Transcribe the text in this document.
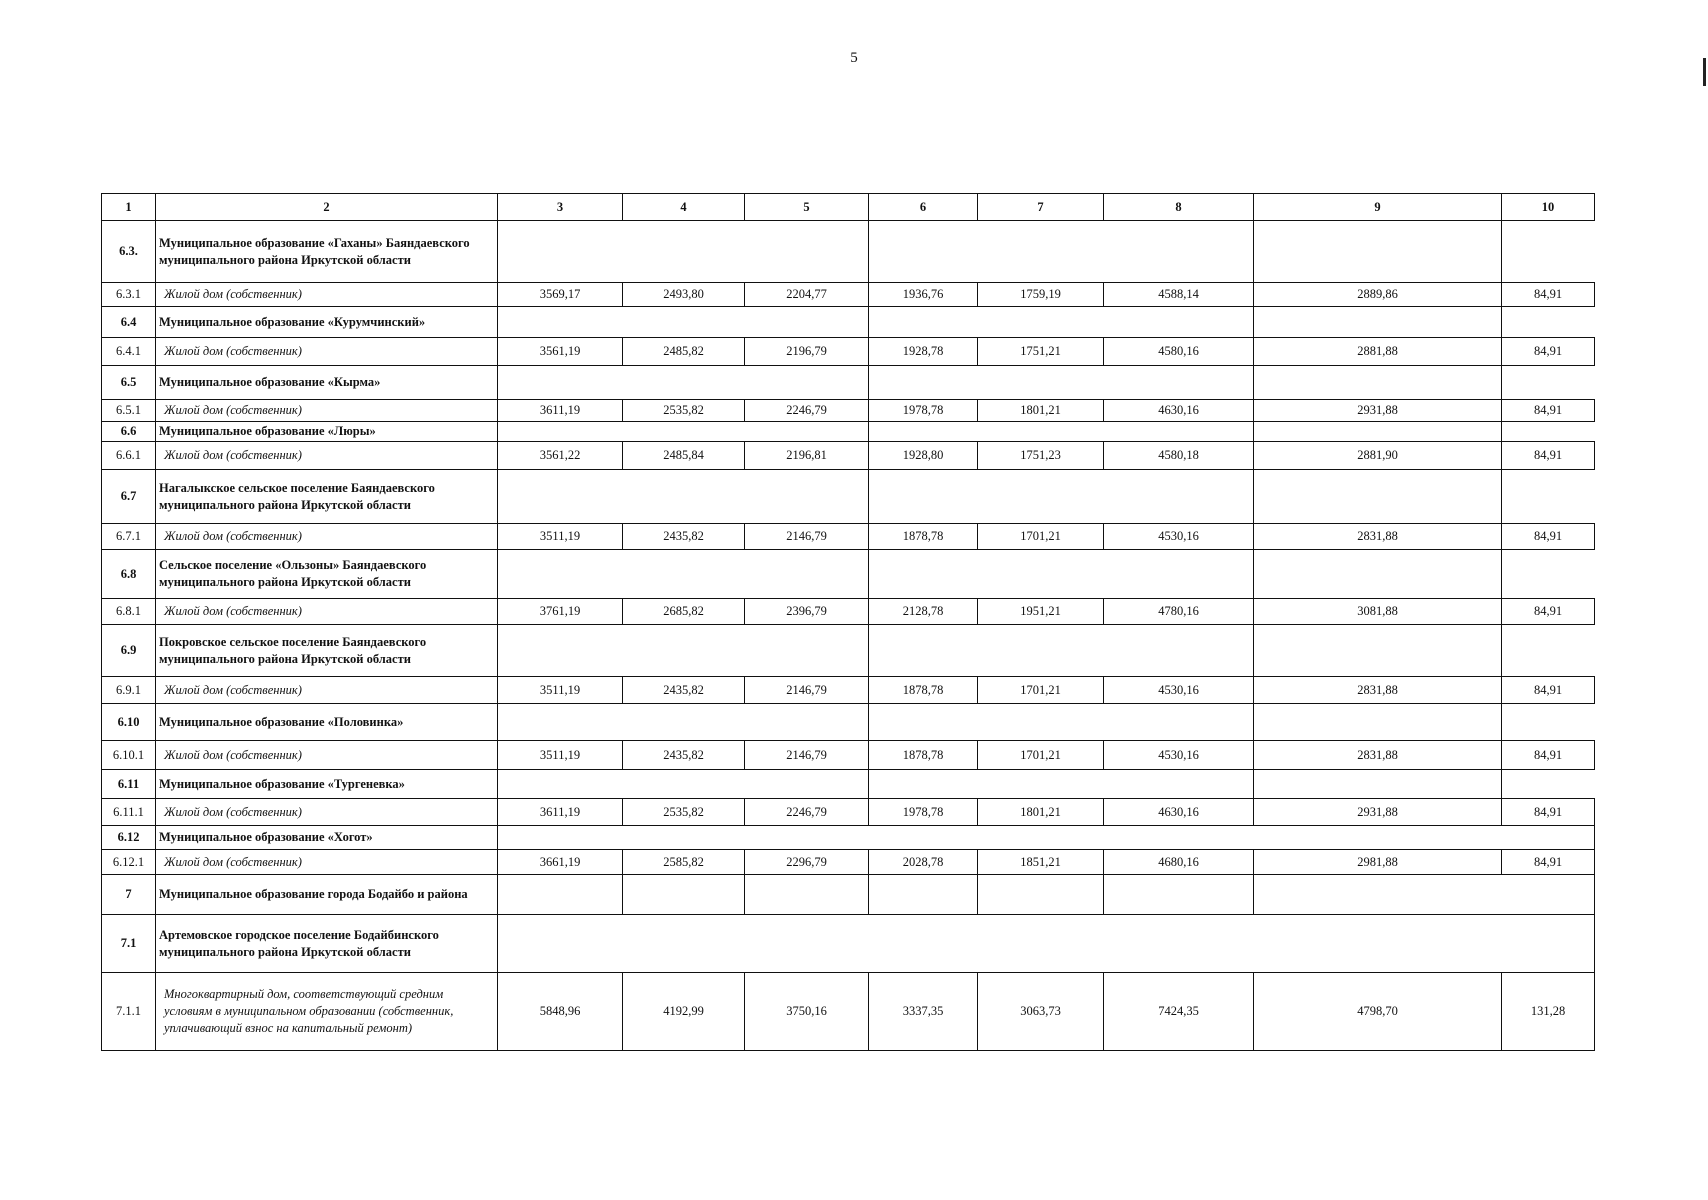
5
1	2	3	4	5	6	7	8	9	10
6.3.	Муниципальное образование «Гаханы» Баяндаевского муниципального района Иркутской области								
6.3.1	Жилой дом (собственник)	3569,17	2493,80	2204,77	1936,76	1759,19	4588,14	2889,86	84,91
6.4	Муниципальное образование «Курумчинский»								
6.4.1	Жилой дом (собственник)	3561,19	2485,82	2196,79	1928,78	1751,21	4580,16	2881,88	84,91
6.5	Муниципальное образование «Кырма»								
6.5.1	Жилой дом (собственник)	3611,19	2535,82	2246,79	1978,78	1801,21	4630,16	2931,88	84,91
6.6	Муниципальное образование «Люры»								
6.6.1	Жилой дом (собственник)	3561,22	2485,84	2196,81	1928,80	1751,23	4580,18	2881,90	84,91
6.7	Нагалыкское сельское поселение Баяндаевского муниципального района Иркутской области								
6.7.1	Жилой дом (собственник)	3511,19	2435,82	2146,79	1878,78	1701,21	4530,16	2831,88	84,91
6.8	Сельское поселение «Ользоны» Баяндаевского муниципального района Иркутской области								
6.8.1	Жилой дом (собственник)	3761,19	2685,82	2396,79	2128,78	1951,21	4780,16	3081,88	84,91
6.9	Покровское сельское поселение Баяндаевского муниципального района Иркутской области								
6.9.1	Жилой дом (собственник)	3511,19	2435,82	2146,79	1878,78	1701,21	4530,16	2831,88	84,91
6.10	Муниципальное образование «Половинка»								
6.10.1	Жилой дом (собственник)	3511,19	2435,82	2146,79	1878,78	1701,21	4530,16	2831,88	84,91
6.11	Муниципальное образование «Тургеневка»								
6.11.1	Жилой дом (собственник)	3611,19	2535,82	2246,79	1978,78	1801,21	4630,16	2931,88	84,91
6.12	Муниципальное образование «Хогот»								
6.12.1	Жилой дом (собственник)	3661,19	2585,82	2296,79	2028,78	1851,21	4680,16	2981,88	84,91
7	Муниципальное образование города Бодайбо и района								
7.1	Артемовское городское поселение Бодайбинского муниципального района Иркутской области								
7.1.1	Многоквартирный дом, соответствующий средним условиям в муниципальном образовании (собственник, уплачивающий взнос на капитальный ремонт)	5848,96	4192,99	3750,16	3337,35	3063,73	7424,35	4798,70	131,28
